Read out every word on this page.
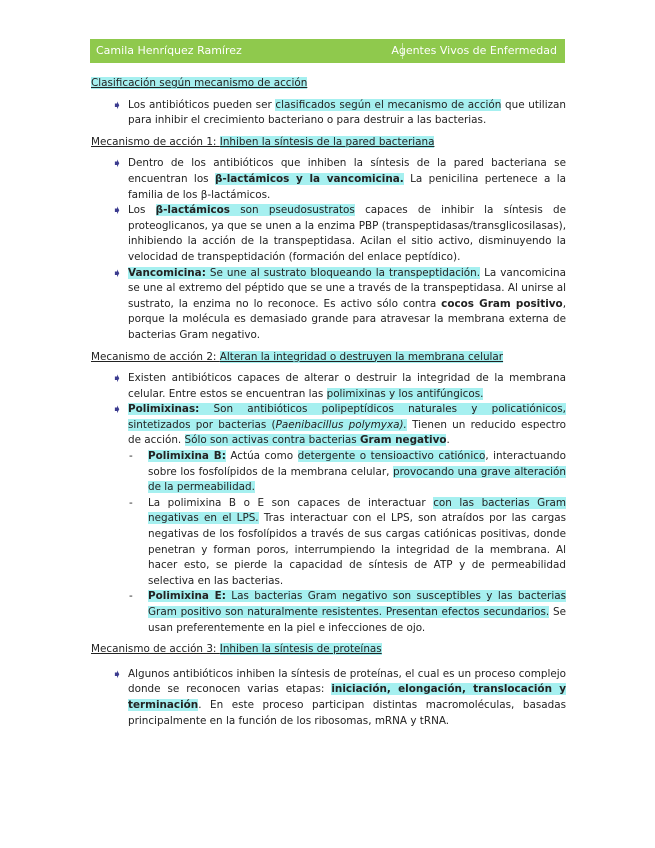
Camila Henríquez Ramírez	Agentes Vivos de Enfermedad

Clasificación según mecanismo de acción

➧ Los antibióticos pueden ser clasificados según el mecanismo de acción que utilizan para inhibir el crecimiento bacteriano o para destruir a las bacterias.

Mecanismo de acción 1: Inhiben la síntesis de la pared bacteriana

➧ Dentro de los antibióticos que inhiben la síntesis de la pared bacteriana se encuentran los β-lactámicos y la vancomicina. La penicilina pertenece a la familia de los β-lactámicos.
➧ Los β-lactámicos son pseudosustratos capaces de inhibir la síntesis de proteoglicanos, ya que se unen a la enzima PBP (transpeptidasas/transglicosilasas), inhibiendo la acción de la transpeptidasa. Acilan el sitio activo, disminuyendo la velocidad de transpeptidación (formación del enlace peptídico).
➧ Vancomicina: Se une al sustrato bloqueando la transpeptidación. La vancomicina se une al extremo del péptido que se une a través de la transpeptidasa. Al unirse al sustrato, la enzima no lo reconoce. Es activo sólo contra cocos Gram positivo, porque la molécula es demasiado grande para atravesar la membrana externa de bacterias Gram negativo.

Mecanismo de acción 2: Alteran la integridad o destruyen la membrana celular

➧ Existen antibióticos capaces de alterar o destruir la integridad de la membrana celular. Entre estos se encuentran las polimixinas y los antifúngicos.
➧ Polimixinas: Son antibióticos polipeptídicos naturales y policatiónicos, sintetizados por bacterias (Paenibacillus polymyxa). Tienen un reducido espectro de acción. Sólo son activas contra bacterias Gram negativo.
- Polimixina B: Actúa como detergente o tensioactivo catiónico, interactuando sobre los fosfolípidos de la membrana celular, provocando una grave alteración de la permeabilidad.
- La polimixina B o E son capaces de interactuar con las bacterias Gram negativas en el LPS. Tras interactuar con el LPS, son atraídos por las cargas negativas de los fosfolípidos a través de sus cargas catiónicas positivas, donde penetran y forman poros, interrumpiendo la integridad de la membrana. Al hacer esto, se pierde la capacidad de síntesis de ATP y de permeabilidad selectiva en las bacterias.
- Polimixina E: Las bacterias Gram negativo son susceptibles y las bacterias Gram positivo son naturalmente resistentes. Presentan efectos secundarios. Se usan preferentemente en la piel e infecciones de ojo.

Mecanismo de acción 3: Inhiben la síntesis de proteínas

➧ Algunos antibióticos inhiben la síntesis de proteínas, el cual es un proceso complejo donde se reconocen varias etapas: iniciación, elongación, translocación y terminación. En este proceso participan distintas macromoléculas, basadas principalmente en la función de los ribosomas, mRNA y tRNA.
